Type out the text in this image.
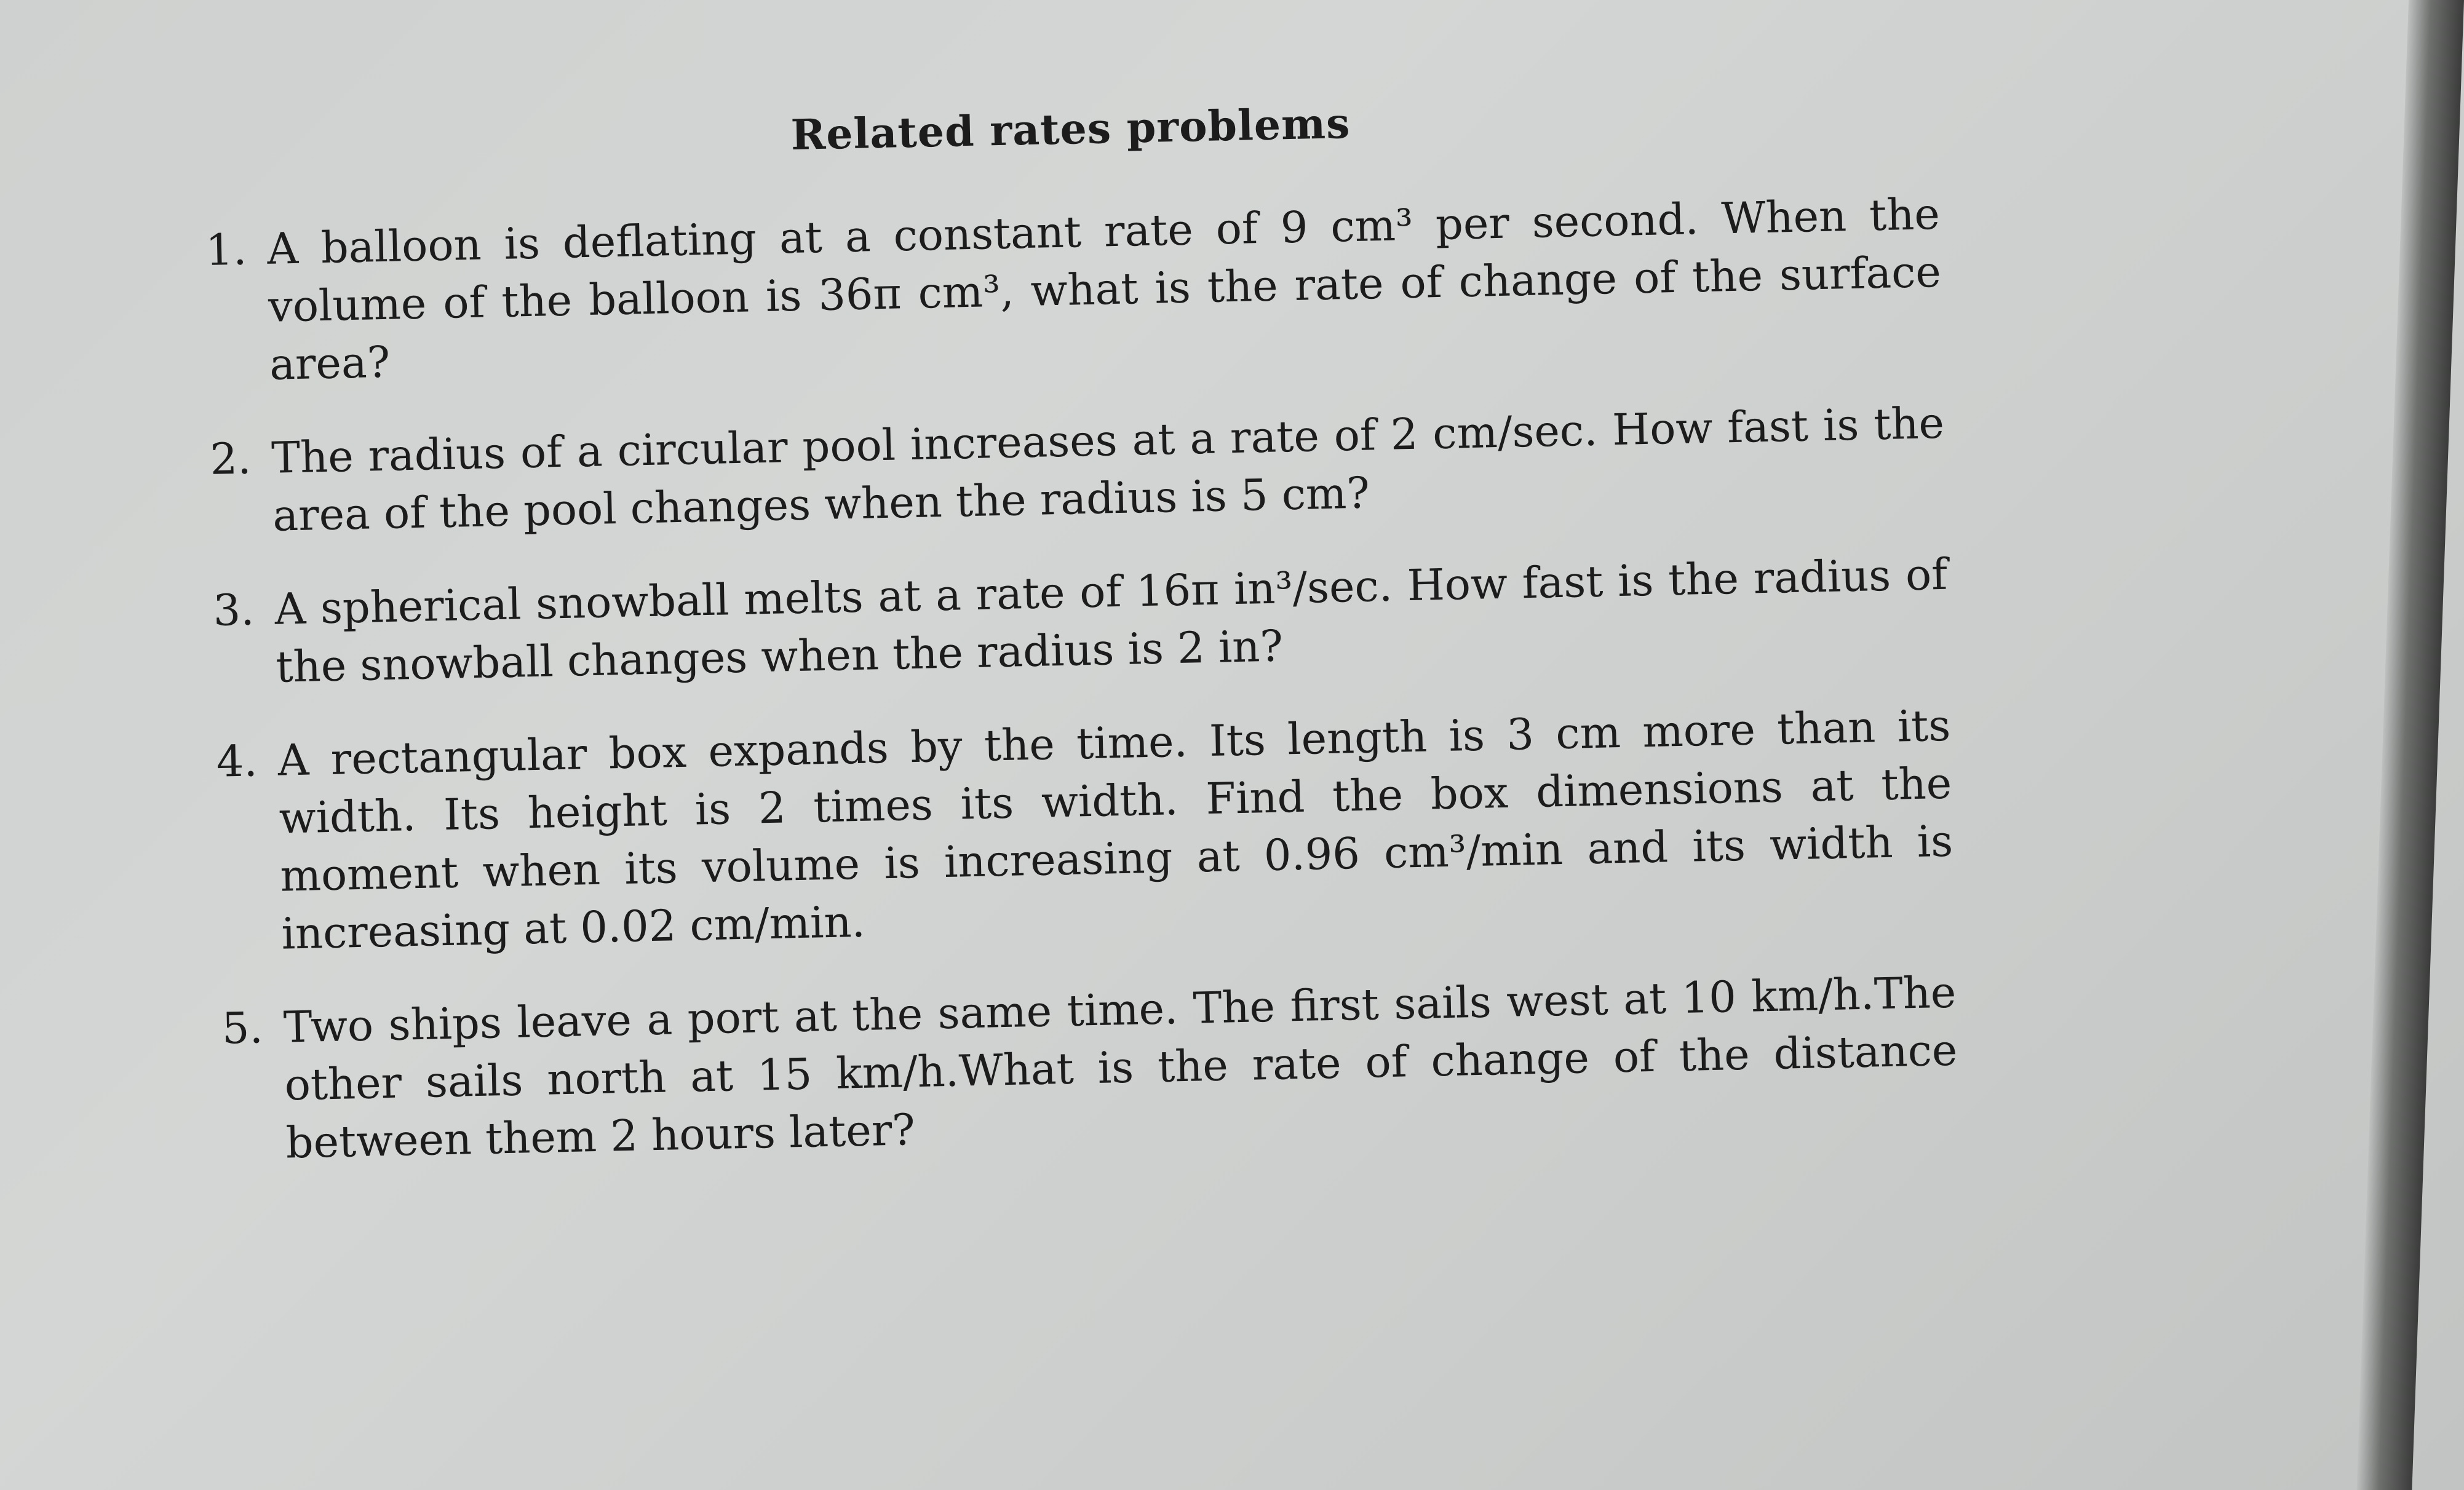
Related rates problems
1. A balloon is deflating at a constant rate of 9 cm³ per second. When the volume of the balloon is 36π cm³, what is the rate of change of the surface area?
2. The radius of a circular pool increases at a rate of 2 cm/sec. How fast is the area of the pool changes when the radius is 5 cm?
3. A spherical snowball melts at a rate of 16π in³/sec. How fast is the radius of the snowball changes when the radius is 2 in?
4. A rectangular box expands by the time. Its length is 3 cm more than its width. Its height is 2 times its width. Find the box dimensions at the moment when its volume is increasing at 0.96 cm³/min and its width is increasing at 0.02 cm/min.
5. Two ships leave a port at the same time. The first sails west at 10 km/h.The other sails north at 15 km/h.What is the rate of change of the distance between them 2 hours later?
